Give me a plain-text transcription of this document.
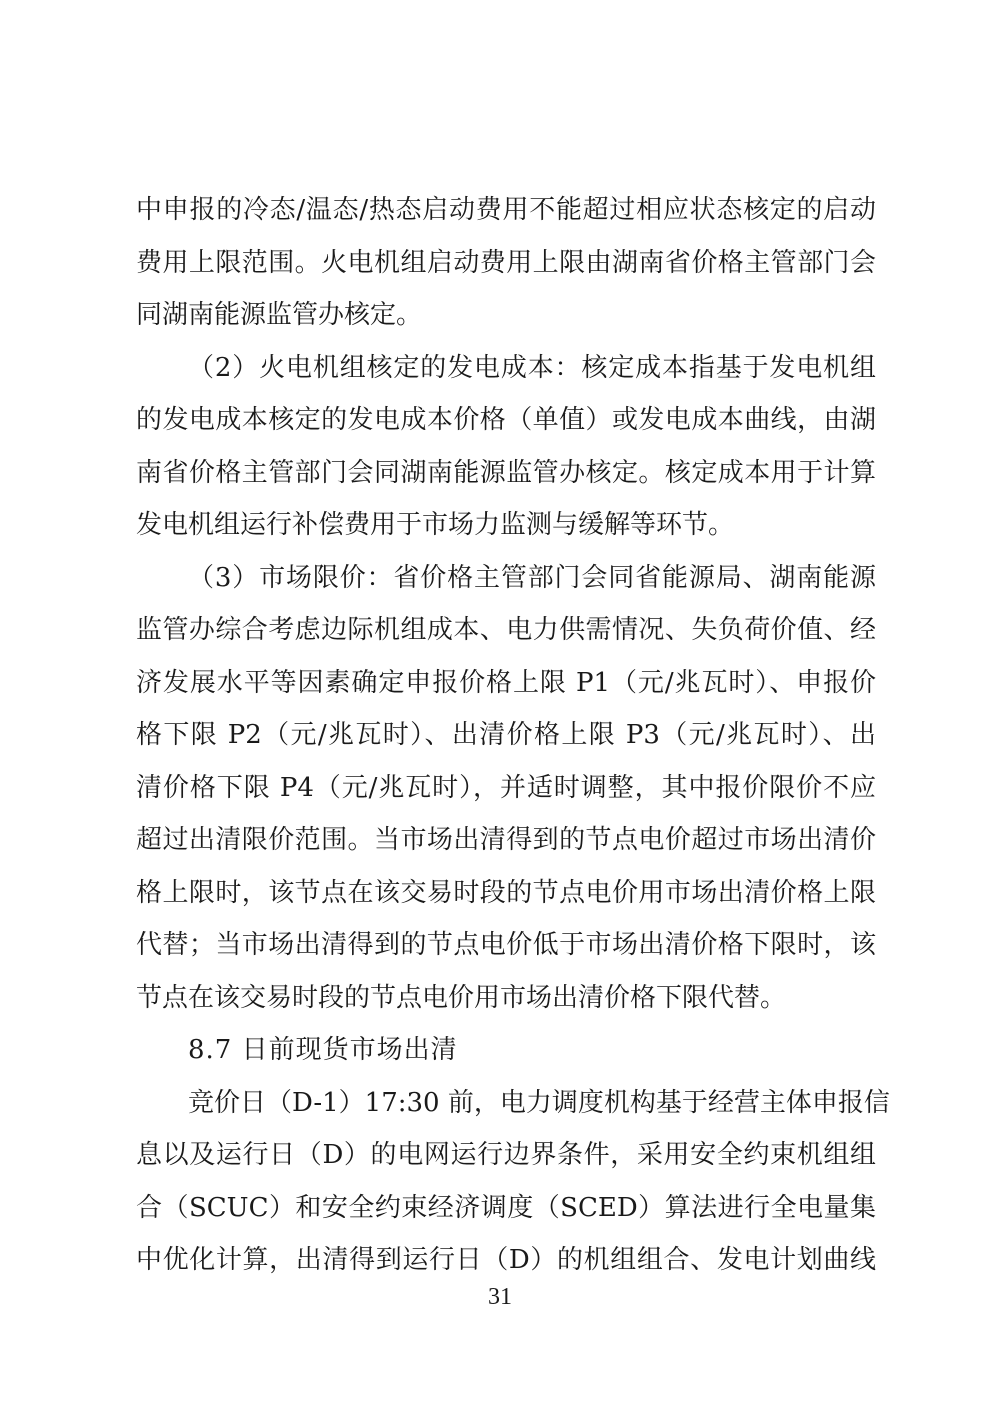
中申报的冷态/温态/热态启动费用不能超过相应状态核定的启动
费用上限范围。火电机组启动费用上限由湖南省价格主管部门会
同湖南能源监管办核定。
（2）火电机组核定的发电成本：核定成本指基于发电机组
的发电成本核定的发电成本价格（单值）或发电成本曲线，由湖
南省价格主管部门会同湖南能源监管办核定。核定成本用于计算
发电机组运行补偿费用于市场力监测与缓解等环节。
（3）市场限价：省价格主管部门会同省能源局、湖南能源
监管办综合考虑边际机组成本、电力供需情况、失负荷价值、经
济发展水平等因素确定申报价格上限 P1（元/兆瓦时）、申报价
格下限 P2（元/兆瓦时）、出清价格上限 P3（元/兆瓦时）、出
清价格下限 P4（元/兆瓦时），并适时调整，其中报价限价不应
超过出清限价范围。当市场出清得到的节点电价超过市场出清价
格上限时，该节点在该交易时段的节点电价用市场出清价格上限
代替；当市场出清得到的节点电价低于市场出清价格下限时，该
节点在该交易时段的节点电价用市场出清价格下限代替。
8.7 日前现货市场出清
竞价日（D-1）17:30 前，电力调度机构基于经营主体申报信
息以及运行日（D）的电网运行边界条件，采用安全约束机组组
合（SCUC）和安全约束经济调度（SCED）算法进行全电量集
中优化计算，出清得到运行日（D）的机组组合、发电计划曲线
31
